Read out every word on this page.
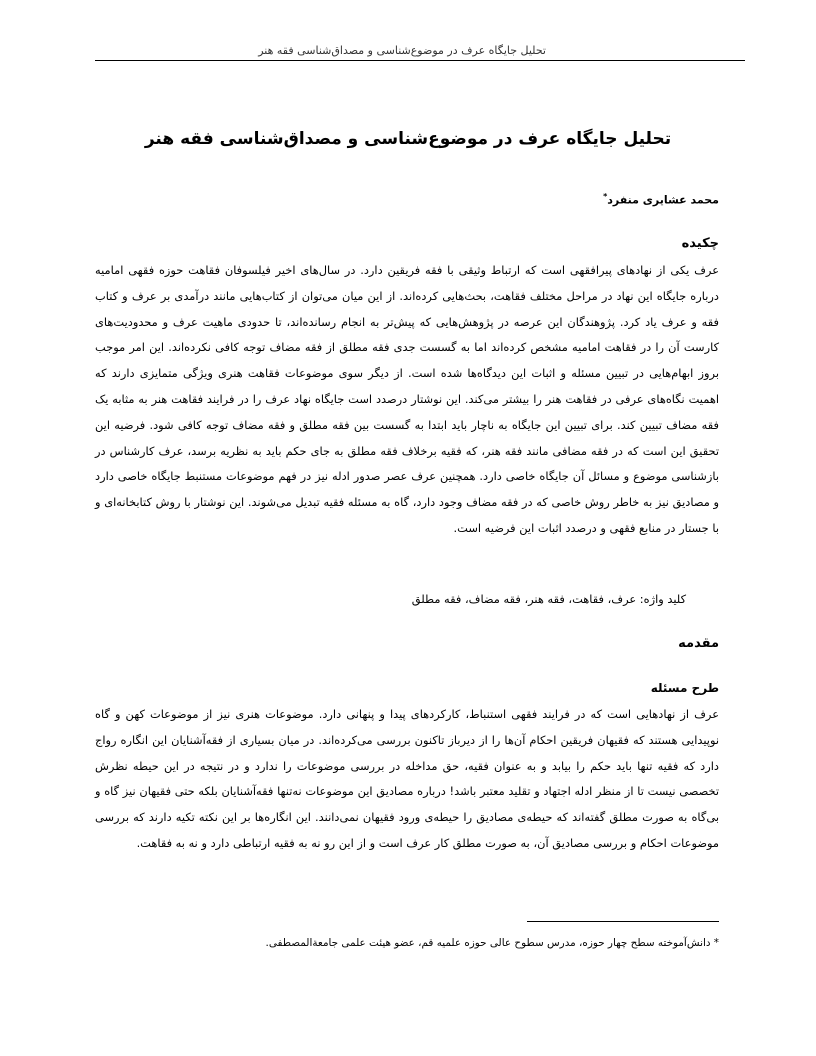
تحلیل جایگاه عرف در موضوع‌شناسی و مصداق‌شناسی فقه هنر
تحلیل جایگاه عرف در موضوع‌شناسی و مصداق‌شناسی فقه هنر
محمد عشایری منفرد*
چکیده

عرف یکی از نهادهای پیرافقهی است که ارتباط وثیقی با فقه فریقین دارد. در سال‌های اخیر فیلسوفان فقاهت حوزه فقهی امامیه درباره جایگاه این نهاد در مراحل مختلف فقاهت، بحث‌هایی کرده‌اند. از این میان می‌توان از کتاب‌هایی مانند درآمدی بر عرف و کتاب فقه و عرف یاد کرد. پژوهندگان این عرصه در پژوهش‌هایی که پیش‌تر به انجام رسانده‌اند، تا حدودی ماهیت عرف و محدودیت‌های کارست آن را در فقاهت امامیه مشخص کرده‌اند اما به گسست جدی فقه مطلق از فقه مضاف توجه کافی نکرده‌اند. این امر موجب بروز ابهام‌هایی در تبیین مسئله و اثبات این دیدگاه‌ها شده است. از دیگر سوی موضوعات فقاهت هنری ویژگی متمایزی دارند که اهمیت نگاه‌های عرفی در فقاهت هنر را بیشتر می‌کند. این نوشتار درصدد است جایگاه نهاد عرف را در فرایند فقاهت هنر به مثابه یک فقه مضاف تبیین کند. برای تبیین این جایگاه به ناچار باید ابتدا به گسست بین فقه مطلق و فقه مضاف توجه کافی شود. فرضیه این تحقیق این است که در فقه مضافی مانند فقه هنر، که فقیه برخلاف فقه مطلق به جای حکم باید به نظریه برسد، عرف کارشناس در بازشناسی موضوع و مسائل آن جایگاه خاصی دارد. همچنین عرف عصر صدور ادله نیز در فهم موضوعات مستنبط جایگاه خاصی دارد و مصادیق نیز به خاطر روش خاصی که در فقه مضاف وجود دارد، گاه به مسئله فقیه تبدیل می‌شوند. این نوشتار با روش کتابخانه‌ای و با جستار در منابع فقهی و درصدد اثبات این فرضیه است.

کلید واژه: عرف، فقاهت، فقه هنر، فقه مضاف، فقه مطلق
مقدمه
طرح مسئله

عرف از نهادهایی است که در فرایند فقهی استنباط، کارکردهای پیدا و پنهانی دارد. موضوعات هنری نیز از موضوعات کهن و گاه نوپیدایی هستند که فقیهان فریقین احکام آن‌ها را از دیرباز تاکنون بررسی می‌کرده‌اند. در میان بسیاری از فقه‌آشنایان این انگاره رواج دارد که فقیه تنها باید حکم را بیابد و به عنوان فقیه، حق مداخله در بررسی موضوعات را ندارد و در نتیجه در این حیطه نظرش تخصصی نیست تا از منظر ادله اجتهاد و تقلید معتبر باشد! درباره مصادیق این موضوعات نه‌تنها فقه‌آشنایان بلکه حتی فقیهان نیز گاه و بی‌گاه به صورت مطلق گفته‌اند که حیطه‌ی مصادیق را حیطه‌ی ورود فقیهان نمی‌دانند. این انگاره‌ها بر این نکته تکیه دارند که بررسی موضوعات احکام و بررسی مصادیق آن، به صورت مطلق کار عرف است و از این رو نه به فقیه ارتباطی دارد و نه به فقاهت.

* دانش‌آموخته سطح چهار حوزه، مدرس سطوح عالی حوزه علمیه قم، عضو هیئت علمی جامعة‌المصطفی.
